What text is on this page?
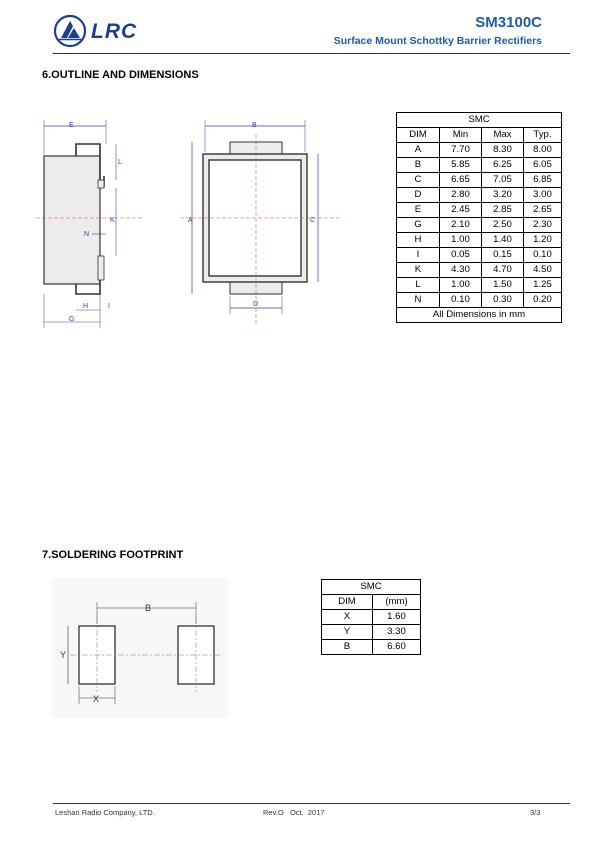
LRC	SM3100C
Surface Mount Schottky Barrier Rectifiers
6.OUTLINE AND DIMENSIONS
E
L
K
N
H	I
G
B
A	C
D
SMC			
DIM	Min	Max	Typ.
A	7.70	8.30	8.00
B	5.85	6.25	6.05
C	6.65	7.05	6.85
D	2.80	3.20	3.00
E	2.45	2.85	2.65
G	2.10	2.50	2.30
H	1.00	1.40	1.20
I	0.05	0.15	0.10
K	4.30	4.70	4.50
L	1.00	1.50	1.25
N	0.10	0.30	0.20
All Dimensions in mm			
7.SOLDERING FOOTPRINT
B
Y
X
SMC	
DIM	(mm)
X	1.60
Y	3.30
B	6.60
Leshan Radio Company, LTD.	Rev.O   Oct.  2017	3/3
